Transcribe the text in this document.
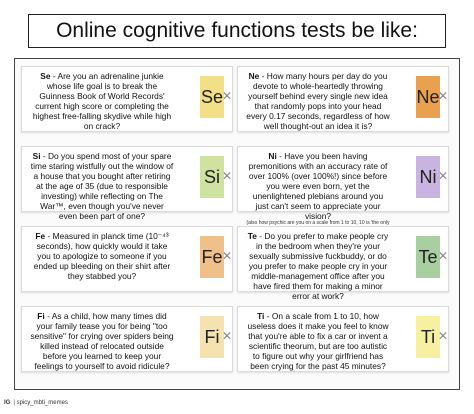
Online cognitive functions tests be like:
Se - Are you an adrenaline junkie whose life goal is to break the Guinness Book of World Records' current high score or completing the highest free-falling skydive while high on crack?
Se
✕
Ne - How many hours per day do you devote to whole-heartedly throwing yourself behind every single new idea that randomly pops into your head every 0.17 seconds, regardless of how well thought-out an idea it is?
Ne
✕
Si - Do you spend most of your spare time staring wistfully out the window of a house that you bought after retiring at the age of 35 (due to responsible investing) while reflecting on The War™, even though you've never even been part of one?
Si ✕
Ni - Have you been having premonitions with an accuracy rate of over 100% (over 100%!) since before you were even born, yet the unenlightened plebians around you just can't seem to appreciate your vision?
(also how psychic are you on a scale from 1 to 10, 10 is 'the only
Ni ✕
Fe - Measured in planck time (10⁻⁴³ seconds), how quickly would it take you to apologize to someone if you ended up bleeding on their shirt after they stabbed you?
Fe ✕
Te - Do you prefer to make people cry in the bedroom when they're your sexually submissive fuckbuddy, or do you prefer to make people cry in your middle-management office after you have fired them for making a minor error at work?
Te ✕
Fi - As a child, how many times did your family tease you for being "too sensitive" for crying over spiders being killed instead of relocated outside before you learned to keep your feelings to yourself to avoid ridicule?
Fi ✕
Ti - On a scale from 1 to 10, how useless does it make you feel to know that you're able to fix a car or invent a scientific theorum, but are too autistic to figure out why your girlfriend has been crying for the past 45 minutes?
Ti ✕
IG | spicy_mbti_memes
